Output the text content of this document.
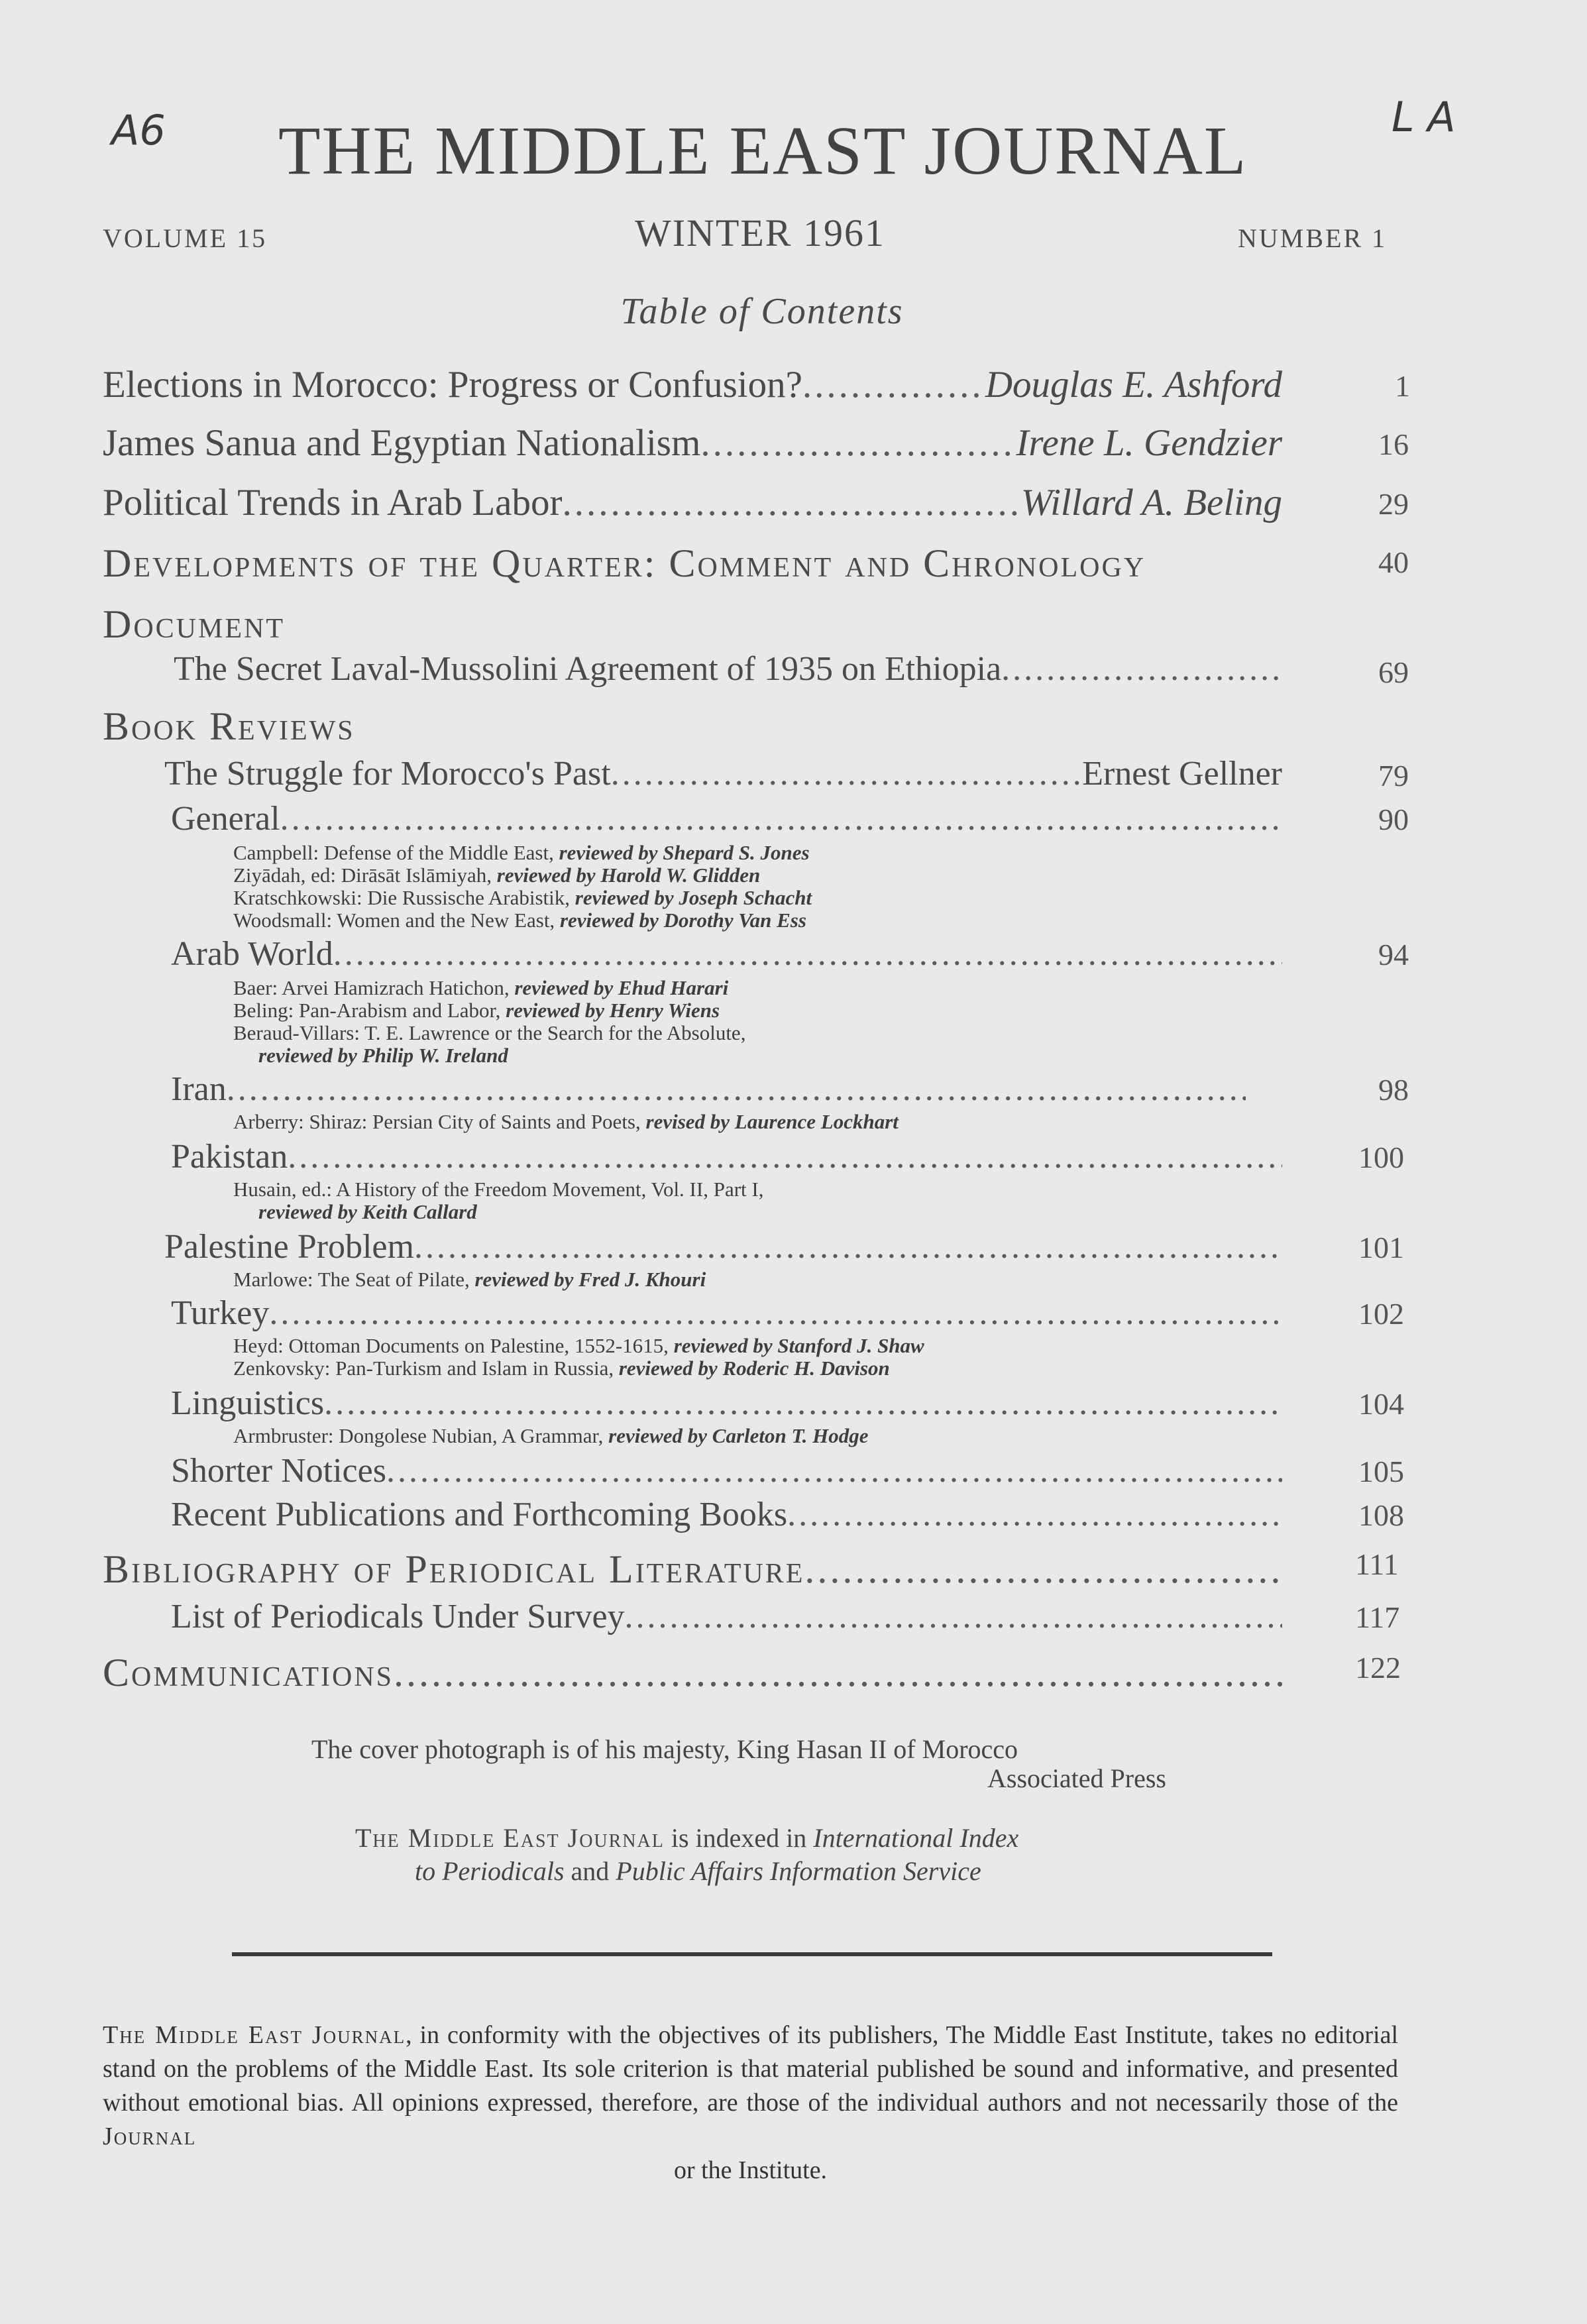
A6	L A
THE MIDDLE EAST JOURNAL
VOLUME 15	WINTER 1961	NUMBER 1
Table of Contents
Elections in Morocco: Progress or Confusion? .....	Douglas E. Ashford	1
James Sanua and Egyptian Nationalism .....	Irene L. Gendzier	16
Political Trends in Arab Labor .....	Willard A. Beling	29
Developments of the Quarter: Comment and Chronology	40
Document
The Secret Laval-Mussolini Agreement of 1935 on Ethiopia .....	69
Book Reviews
The Struggle for Morocco's Past .....	Ernest Gellner	79
General .....	90
Campbell: Defense of the Middle East, reviewed by Shepard S. Jones
Ziyādah, ed: Dirāsāt Islāmiyah, reviewed by Harold W. Glidden
Kratschkowski: Die Russische Arabistik, reviewed by Joseph Schacht
Woodsmall: Women and the New East, reviewed by Dorothy Van Ess
Arab World .....	94
Baer: Arvei Hamizrach Hatichon, reviewed by Ehud Harari
Beling: Pan-Arabism and Labor, reviewed by Henry Wiens
Beraud-Villars: T. E. Lawrence or the Search for the Absolute,
reviewed by Philip W. Ireland
Iran .....	98
Arberry: Shiraz: Persian City of Saints and Poets, revised by Laurence Lockhart
Pakistan .....	100
Husain, ed.: A History of the Freedom Movement, Vol. II, Part I,
reviewed by Keith Callard
Palestine Problem .....	101
Marlowe: The Seat of Pilate, reviewed by Fred J. Khouri
Turkey .....	102
Heyd: Ottoman Documents on Palestine, 1552-1615, reviewed by Stanford J. Shaw
Zenkovsky: Pan-Turkism and Islam in Russia, reviewed by Roderic H. Davison
Linguistics .....	104
Armbruster: Dongolese Nubian, A Grammar, reviewed by Carleton T. Hodge
Shorter Notices .....	105
Recent Publications and Forthcoming Books .....	108
Bibliography of Periodical Literature .....	111
List of Periodicals Under Survey .....	117
Communications .....	122
The cover photograph is of his majesty, King Hasan II of Morocco
Associated Press
The Middle East Journal is indexed in International Index
to Periodicals and Public Affairs Information Service
The Middle East Journal, in conformity with the objectives of its publishers, The Middle East Institute, takes no editorial stand on the problems of the Middle East. Its sole criterion is that material published be sound and informative, and presented without emotional bias. All opinions expressed, therefore, are those of the individual authors and not necessarily those of the Journal
or the Institute.
